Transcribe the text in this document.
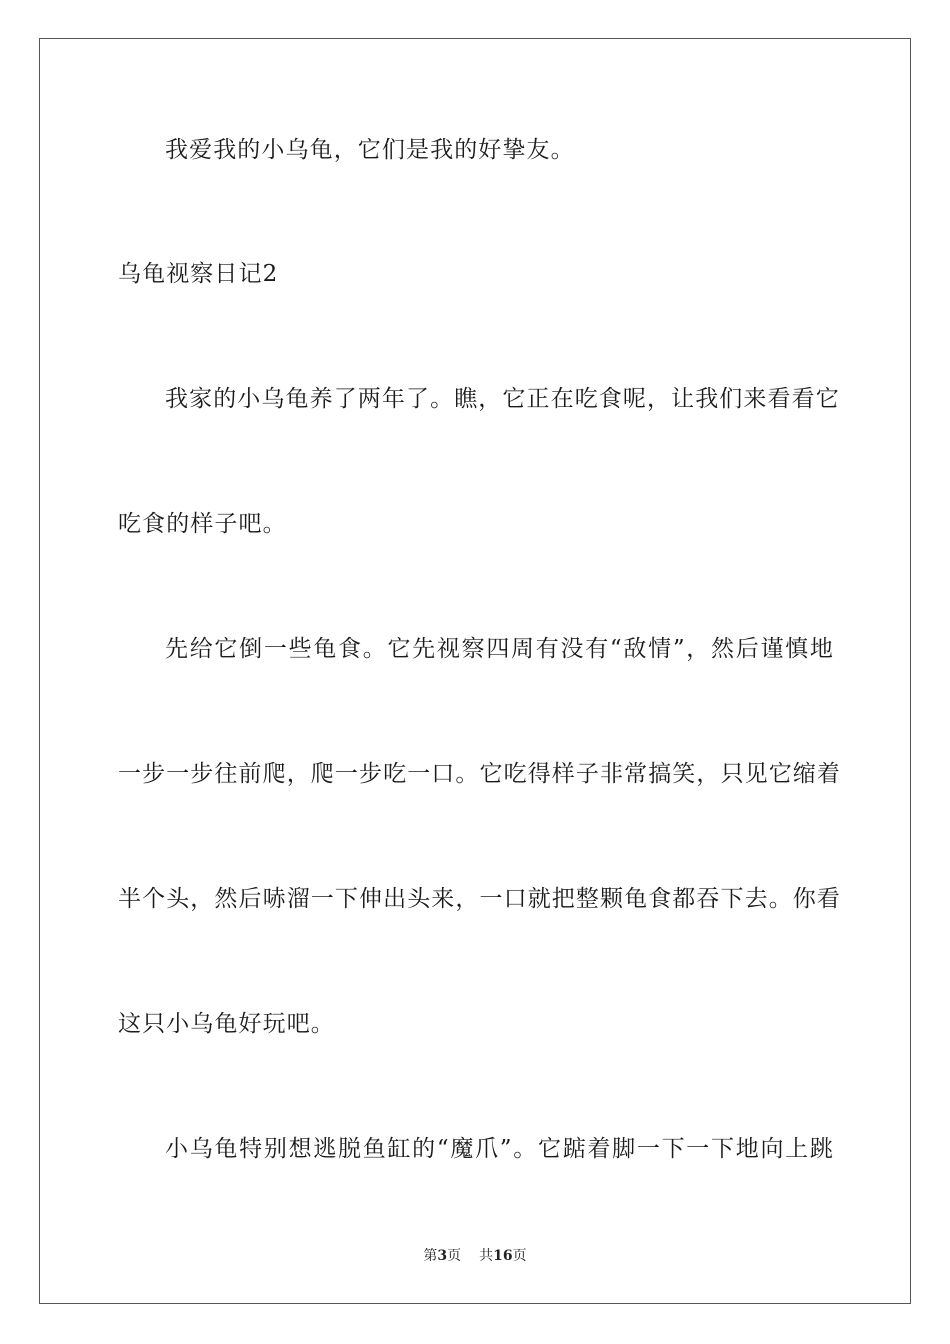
我爱我的小乌龟，它们是我的好挚友。
乌龟视察日记2
我家的小乌龟养了两年了。瞧，它正在吃食呢，让我们来看看它
吃食的样子吧。
先给它倒一些龟食。它先视察四周有没有“敌情”，然后谨慎地
一步一步往前爬，爬一步吃一口。它吃得样子非常搞笑，只见它缩着
半个头，然后哧溜一下伸出头来，一口就把整颗龟食都吞下去。你看
这只小乌龟好玩吧。
小乌龟特别想逃脱鱼缸的“魔爪”。它踮着脚一下一下地向上跳
第3页 共16页
